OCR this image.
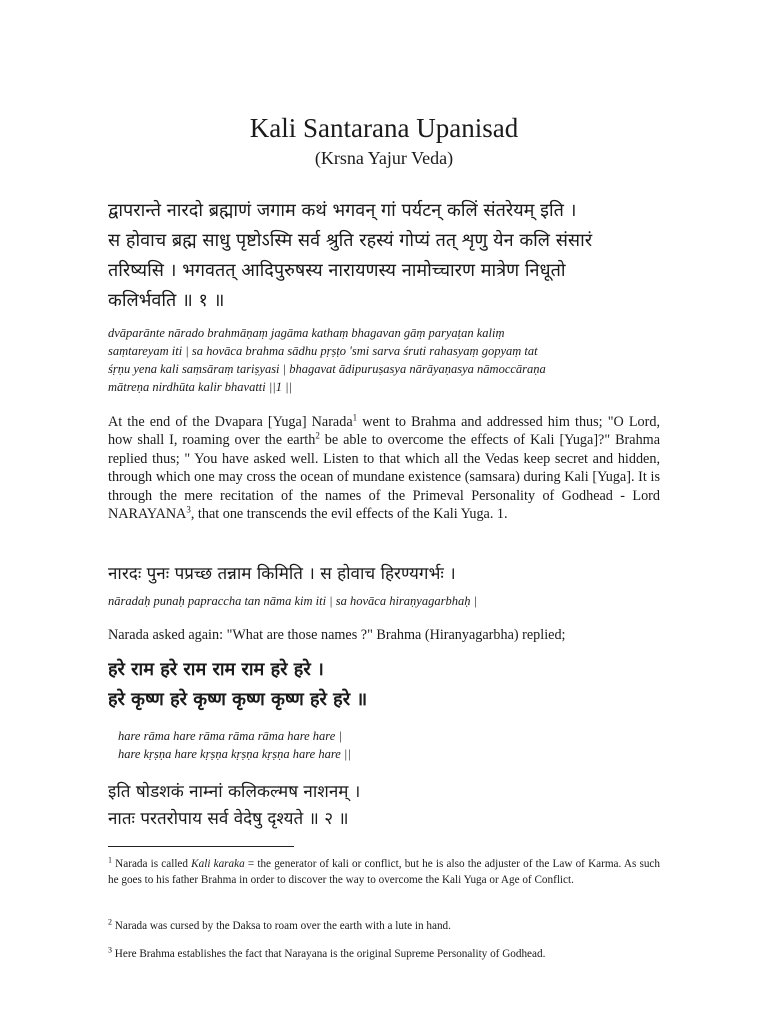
Kali Santarana Upanisad
(Krsna Yajur Veda)
द्वापरान्ते नारदो ब्रह्माणं जगाम कथं भगवन् गां पर्यटन् कलिं संतरेयम् इति ।
स होवाच ब्रह्म साधु पृष्टोऽस्मि सर्व श्रुति रहस्यं गोप्यं तत् शृणु येन कलि संसारं
तरिष्यसि । भगवतत् आदिपुरुषस्य नारायणस्य नामोच्चारण मात्रेण निधूतो
कलिर्भवति ॥ १ ॥
dvāparānte nārado brahmāṇaṃ jagāma kathaṃ bhagavan gāṃ paryaṭan kaliṃ
saṃtareyam iti | sa hovāca brahma sādhu pṛṣṭo 'smi sarva śruti rahasyaṃ gopyaṃ tat
śṛṇu yena kali saṃsāraṃ tariṣyasi | bhagavat ādipuruṣasya nārāyaṇasya nāmoccāraṇa
mātreṇa nirdhūta kalir bhavatti ||1 ||
At the end of the Dvapara [Yuga] Narada$^1$ went to Brahma and addressed him thus; "O Lord, how shall I, roaming over the earth$^2$ be able to overcome the effects of Kali [Yuga]?" Brahma replied thus; " You have asked well. Listen to that which all the Vedas keep secret and hidden, through which one may cross the ocean of mundane existence (samsara) during Kali [Yuga]. It is through the mere recitation of the names of the Primeval Personality of Godhead - Lord NARAYANA$^3$, that one transcends the evil effects of the Kali Yuga. 1.
नारदः पुनः पप्रच्छ तन्नाम किमिति । स होवाच हिरण्यगर्भः ।
nāradaḥ punaḥ papraccha tan nāma kim iti | sa hovāca hiraṇyagarbhaḥ |
Narada asked again: "What are those names ?" Brahma (Hiranyagarbha) replied;
हरे राम हरे राम राम राम हरे हरे ।
हरे कृष्ण हरे कृष्ण कृष्ण कृष्ण हरे हरे ॥
hare rāma hare rāma rāma rāma hare hare |
hare kṛṣṇa hare kṛṣṇa kṛṣṇa kṛṣṇa hare hare ||
इति षोडशकं नाम्नां कलिकल्मष नाशनम् ।
नातः परतरोपाय सर्व वेदेषु दृश्यते ॥ २ ॥
$^1$ Narada is called Kali karaka = the generator of kali or conflict, but he is also the adjuster of the Law of Karma. As such he goes to his father Brahma in order to discover the way to overcome the Kali Yuga or Age of Conflict.
$^2$ Narada was cursed by the Daksa to roam over the earth with a lute in hand.
$^3$ Here Brahma establishes the fact that Narayana is the original Supreme Personality of Godhead.
